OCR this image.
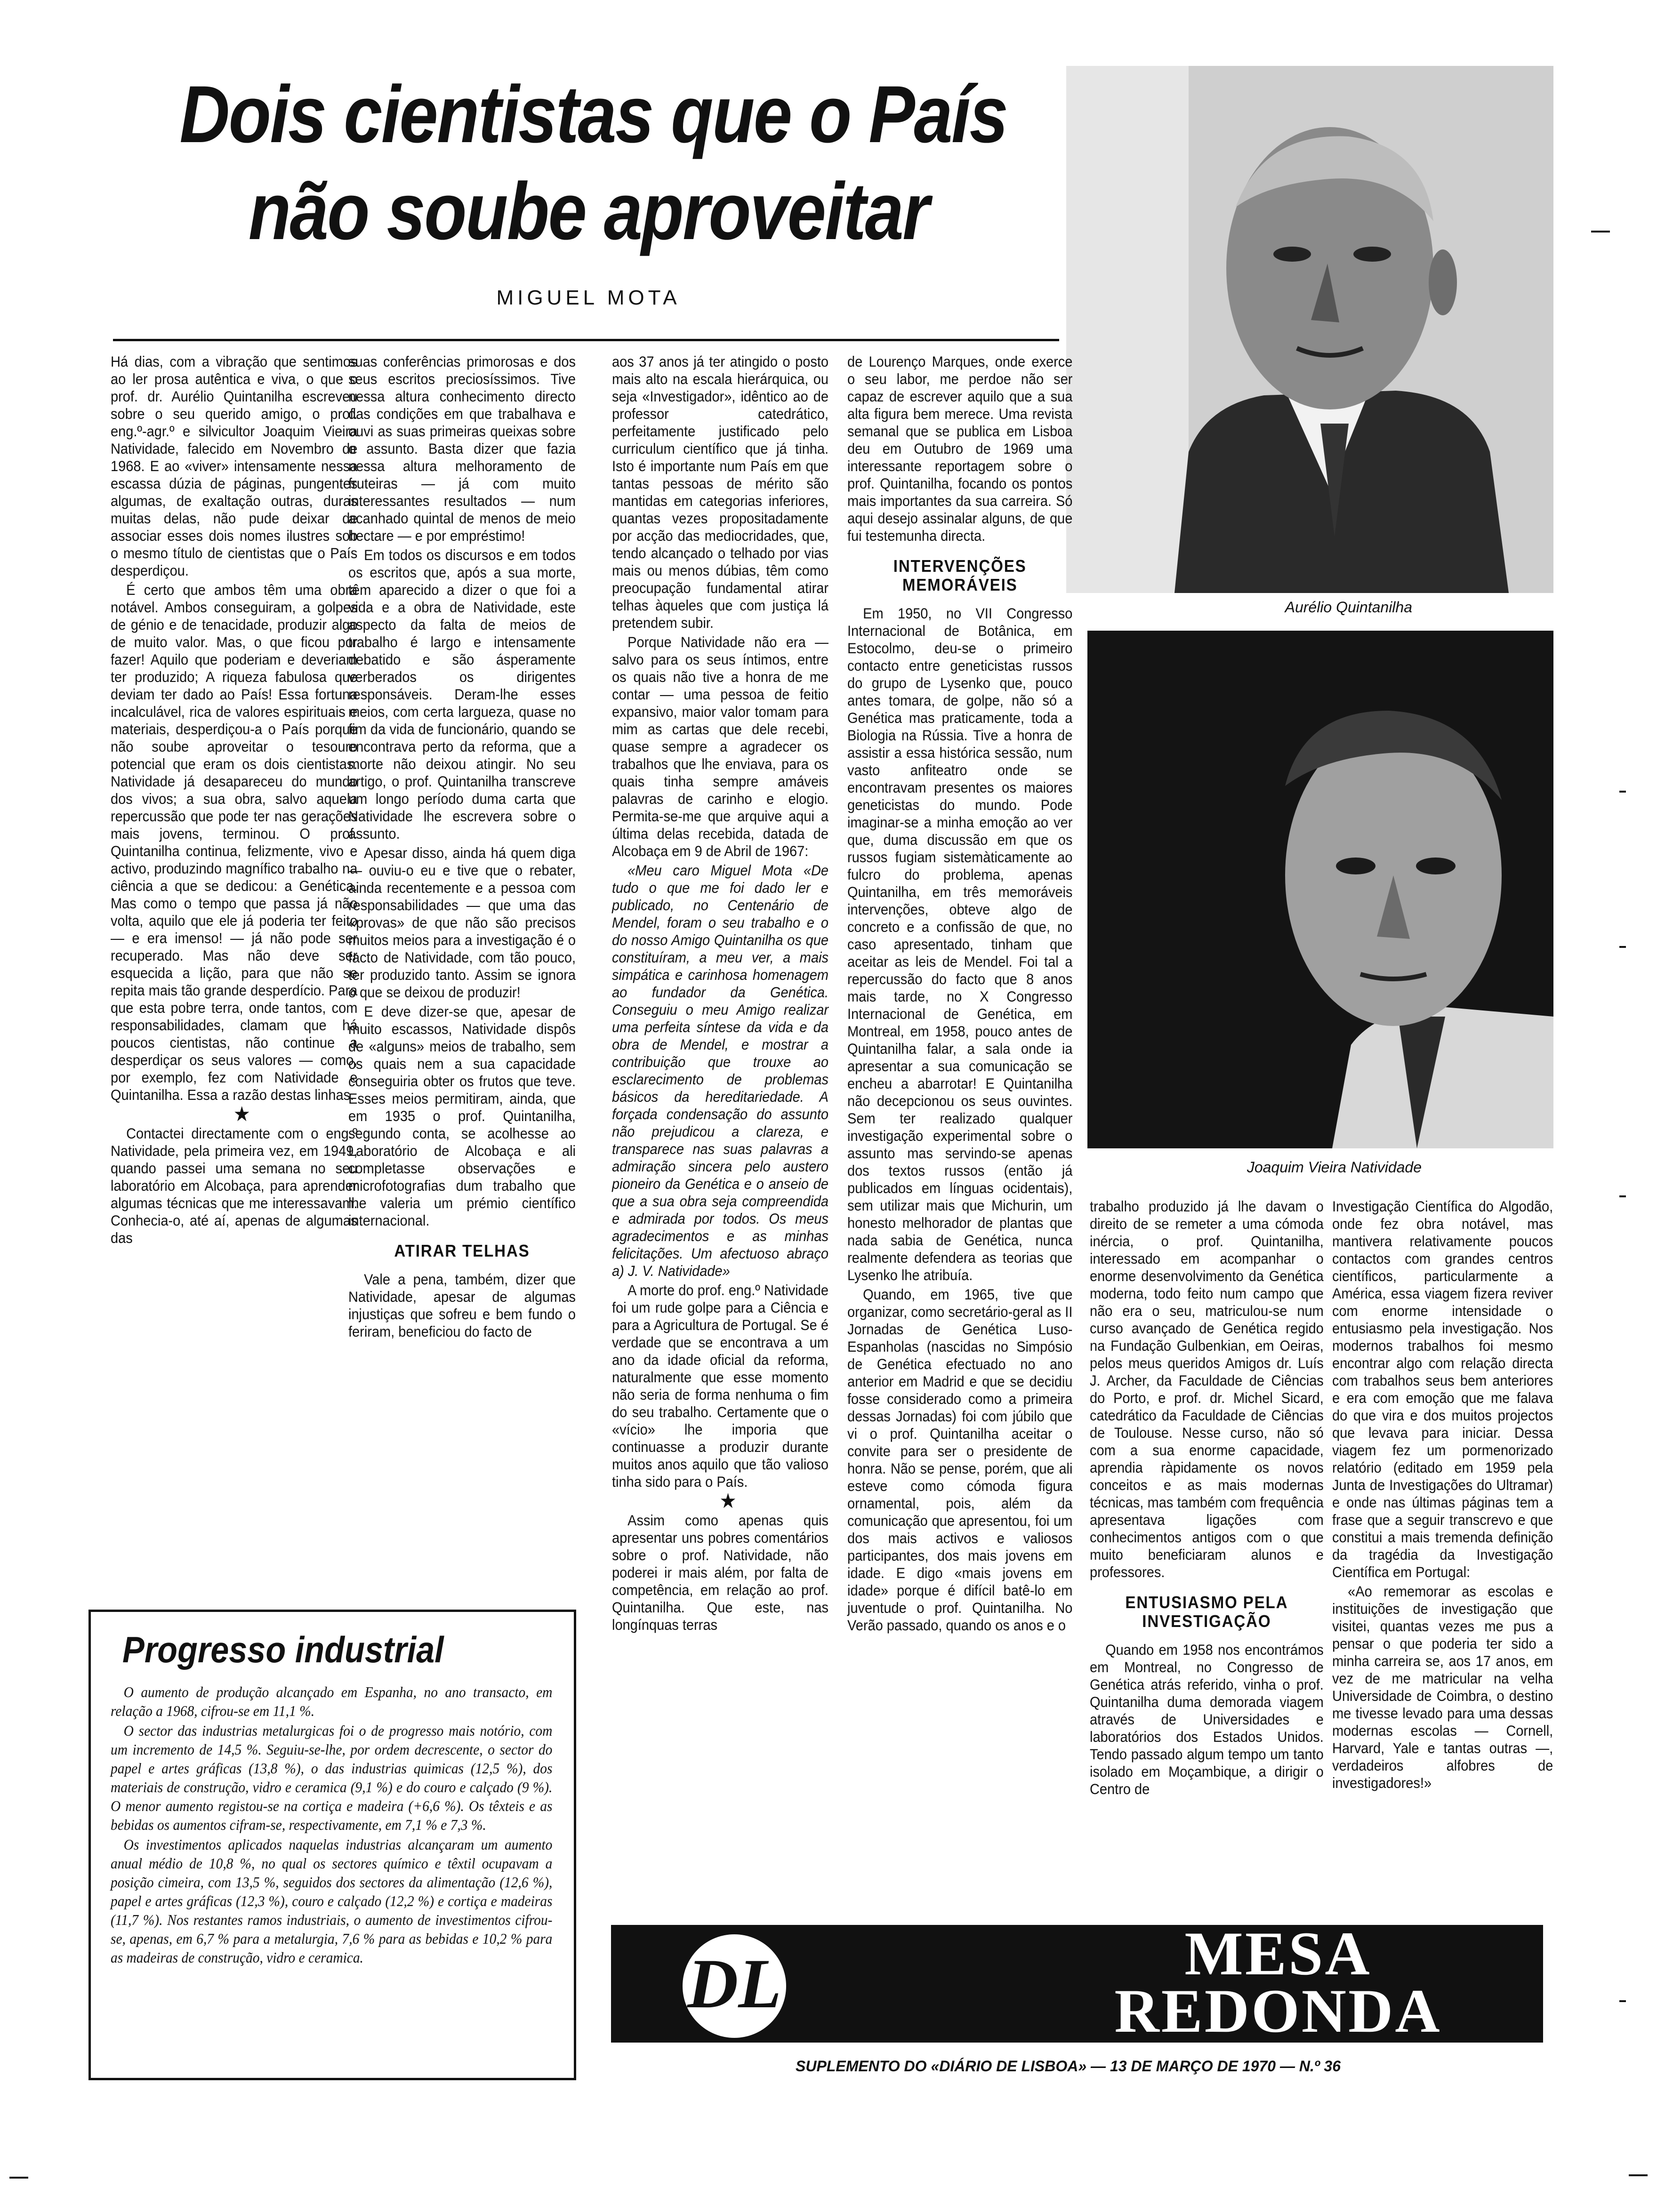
Dois cientistas que o País
não soube aproveitar
MIGUEL MOTA
Aurélio Quintanilha
Joaquim Vieira Natividade

Há dias, com a vibração que sentimos ao ler prosa autêntica e viva, o que o prof. dr. Aurélio Quintanilha escreveu sobre o seu querido amigo, o prof. eng.º-agr.º e silvicultor Joaquim Vieira Natividade, falecido em Novembro de 1968. E ao «viver» intensamente nessa escassa dúzia de páginas, pungentes algumas, de exaltação outras, duras muitas delas, não pude deixar de associar esses dois nomes ilustres sob o mesmo título de cientistas que o País desperdiçou.

É certo que ambos têm uma obra notável. Ambos conseguiram, a golpes de génio e de tenacidade, produzir algo de muito valor. Mas, o que ficou por fazer! Aquilo que poderiam e deveriam ter produzido; A riqueza fabulosa que deviam ter dado ao País! Essa fortuna incalculável, rica de valores espirituais e materiais, desperdiçou-a o País porque não soube aproveitar o tesouro potencial que eram os dois cientistas. Natividade já desapareceu do mundo dos vivos; a sua obra, salvo aquela repercussão que pode ter nas gerações mais jovens, terminou. O prof. Quintanilha continua, felizmente, vivo e activo, produzindo magnífico trabalho na ciência a que se dedicou: a Genética. Mas como o tempo que passa já não volta, aquilo que ele já poderia ter feito — e era imenso! — já não pode ser recuperado. Mas não deve ser esquecida a lição, para que não se repita mais tão grande desperdício. Para que esta pobre terra, onde tantos, com responsabilidades, clamam que há poucos cientistas, não continue a desperdiçar os seus valores — como, por exemplo, fez com Natividade e Quintanilha. Essa a razão destas linhas.

★

Contactei directamente com o eng.º Natividade, pela primeira vez, em 1949, quando passei uma semana no seu laboratório em Alcobaça, para aprender algumas técnicas que me interessavam. Conhecia-o, até aí, apenas de algumas das

suas conferências primorosas e dos seus escritos preciosíssimos. Tive nessa altura conhecimento directo das condições em que trabalhava e ouvi as suas primeiras queixas sobre o assunto. Basta dizer que fazia nessa altura melhoramento de fruteiras — já com muito interessantes resultados — num acanhado quintal de menos de meio hectare — e por empréstimo!

Em todos os discursos e em todos os escritos que, após a sua morte, têm aparecido a dizer o que foi a vida e a obra de Natividade, este aspecto da falta de meios de trabalho é largo e intensamente debatido e são ásperamente verberados os dirigentes responsáveis. Deram-lhe esses meios, com certa largueza, quase no fim da vida de funcionário, quando se encontrava perto da reforma, que a morte não deixou atingir. No seu artigo, o prof. Quintanilha transcreve um longo período duma carta que Natividade lhe escrevera sobre o assunto.

Apesar disso, ainda há quem diga — ouviu-o eu e tive que o rebater, ainda recentemente e a pessoa com responsabilidades — que uma das «provas» de que não são precisos muitos meios para a investigação é o facto de Natividade, com tão pouco, ter produzido tanto. Assim se ignora o que se deixou de produzir!

E deve dizer-se que, apesar de muito escassos, Natividade dispôs de «alguns» meios de trabalho, sem os quais nem a sua capacidade conseguiria obter os frutos que teve. Esses meios permitiram, ainda, que em 1935 o prof. Quintanilha, segundo conta, se acolhesse ao Laboratório de Alcobaça e ali completasse observações e microfotografias dum trabalho que lhe valeria um prémio científico internacional.

ATIRAR TELHAS

Vale a pena, também, dizer que Natividade, apesar de algumas injustiças que sofreu e bem fundo o feriram, beneficiou do facto de

aos 37 anos já ter atingido o posto mais alto na escala hierárquica, ou seja «Investigador», idêntico ao de professor catedrático, perfeitamente justificado pelo curriculum científico que já tinha. Isto é importante num País em que tantas pessoas de mérito são mantidas em categorias inferiores, quantas vezes propositadamente por acção das mediocridades, que, tendo alcançado o telhado por vias mais ou menos dúbias, têm como preocupação fundamental atirar telhas àqueles que com justiça lá pretendem subir.

Porque Natividade não era — salvo para os seus íntimos, entre os quais não tive a honra de me contar — uma pessoa de feitio expansivo, maior valor tomam para mim as cartas que dele recebi, quase sempre a agradecer os trabalhos que lhe enviava, para os quais tinha sempre amáveis palavras de carinho e elogio. Permita-se-me que arquive aqui a última delas recebida, datada de Alcobaça em 9 de Abril de 1967:

«Meu caro Miguel Mota «De tudo o que me foi dado ler e publicado, no Centenário de Mendel, foram o seu trabalho e o do nosso Amigo Quintanilha os que constituíram, a meu ver, a mais simpática e carinhosa homenagem ao fundador da Genética. Conseguiu o meu Amigo realizar uma perfeita síntese da vida e da obra de Mendel, e mostrar a contribuição que trouxe ao esclarecimento de problemas básicos da hereditariedade. A forçada condensação do assunto não prejudicou a clareza, e transparece nas suas palavras a admiração sincera pelo austero pioneiro da Genética e o anseio de que a sua obra seja compreendida e admirada por todos. Os meus agradecimentos e as minhas felicitações. Um afectuoso abraço a) J. V. Natividade»

A morte do prof. eng.º Natividade foi um rude golpe para a Ciência e para a Agricultura de Portugal. Se é verdade que se encontrava a um ano da idade oficial da reforma, naturalmente que esse momento não seria de forma nenhuma o fim do seu trabalho. Certamente que o «vício» lhe imporia que continuasse a produzir durante muitos anos aquilo que tão valioso tinha sido para o País.

★

Assim como apenas quis apresentar uns pobres comentários sobre o prof. Natividade, não poderei ir mais além, por falta de competência, em relação ao prof. Quintanilha. Que este, nas longínquas terras

de Lourenço Marques, onde exerce o seu labor, me perdoe não ser capaz de escrever aquilo que a sua alta figura bem merece. Uma revista semanal que se publica em Lisboa deu em Outubro de 1969 uma interessante reportagem sobre o prof. Quintanilha, focando os pontos mais importantes da sua carreira. Só aqui desejo assinalar alguns, de que fui testemunha directa.

INTERVENÇÕES MEMORÁVEIS

Em 1950, no VII Congresso Internacional de Botânica, em Estocolmo, deu-se o primeiro contacto entre geneticistas russos do grupo de Lysenko que, pouco antes tomara, de golpe, não só a Genética mas praticamente, toda a Biologia na Rússia. Tive a honra de assistir a essa histórica sessão, num vasto anfiteatro onde se encontravam presentes os maiores geneticistas do mundo. Pode imaginar-se a minha emoção ao ver que, duma discussão em que os russos fugiam sistemàticamente ao fulcro do problema, apenas Quintanilha, em três memoráveis intervenções, obteve algo de concreto e a confissão de que, no caso apresentado, tinham que aceitar as leis de Mendel. Foi tal a repercussão do facto que 8 anos mais tarde, no X Congresso Internacional de Genética, em Montreal, em 1958, pouco antes de Quintanilha falar, a sala onde ia apresentar a sua comunicação se encheu a abarrotar! E Quintanilha não decepcionou os seus ouvintes. Sem ter realizado qualquer investigação experimental sobre o assunto mas servindo-se apenas dos textos russos (então já publicados em línguas ocidentais), sem utilizar mais que Michurin, um honesto melhorador de plantas que nada sabia de Genética, nunca realmente defendera as teorias que Lysenko lhe atribuía.

Quando, em 1965, tive que organizar, como secretário-geral as II Jornadas de Genética Luso-Espanholas (nascidas no Simpósio de Genética efectuado no ano anterior em Madrid e que se decidiu fosse considerado como a primeira dessas Jornadas) foi com júbilo que vi o prof. Quintanilha aceitar o convite para ser o presidente de honra. Não se pense, porém, que ali esteve como cómoda figura ornamental, pois, além da comunicação que apresentou, foi um dos mais activos e valiosos participantes, dos mais jovens em idade. E digo «mais jovens em idade» porque é difícil batê-lo em juventude o prof. Quintanilha. No Verão passado, quando os anos e o

trabalho produzido já lhe davam o direito de se remeter a uma cómoda inércia, o prof. Quintanilha, interessado em acompanhar o enorme desenvolvimento da Genética moderna, todo feito num campo que não era o seu, matriculou-se num curso avançado de Genética regido na Fundação Gulbenkian, em Oeiras, pelos meus queridos Amigos dr. Luís J. Archer, da Faculdade de Ciências do Porto, e prof. dr. Michel Sicard, catedrático da Faculdade de Ciências de Toulouse. Nesse curso, não só com a sua enorme capacidade, aprendia ràpidamente os novos conceitos e as mais modernas técnicas, mas também com frequência apresentava ligações com conhecimentos antigos com o que muito beneficiaram alunos e professores.

ENTUSIASMO PELA INVESTIGAÇÃO

Quando em 1958 nos encontrámos em Montreal, no Congresso de Genética atrás referido, vinha o prof. Quintanilha duma demorada viagem através de Universidades e laboratórios dos Estados Unidos. Tendo passado algum tempo um tanto isolado em Moçambique, a dirigir o Centro de

Investigação Científica do Algodão, onde fez obra notável, mas mantivera relativamente poucos contactos com grandes centros científicos, particularmente a América, essa viagem fizera reviver com enorme intensidade o entusiasmo pela investigação. Nos modernos trabalhos foi mesmo encontrar algo com relação directa com trabalhos seus bem anteriores e era com emoção que me falava do que vira e dos muitos projectos que levava para iniciar. Dessa viagem fez um pormenorizado relatório (editado em 1959 pela Junta de Investigações do Ultramar) e onde nas últimas páginas tem a frase que a seguir transcrevo e que constitui a mais tremenda definição da tragédia da Investigação Científica em Portugal:

«Ao rememorar as escolas e instituições de investigação que visitei, quantas vezes me pus a pensar o que poderia ter sido a minha carreira se, aos 17 anos, em vez de me matricular na velha Universidade de Coimbra, o destino me tivesse levado para uma dessas modernas escolas — Cornell, Harvard, Yale e tantas outras —, verdadeiros alfobres de investigadores!»

Progresso industrial

O aumento de produção alcançado em Espanha, no ano transacto, em relação a 1968, cifrou-se em 11,1 %.

O sector das industrias metalurgicas foi o de progresso mais notório, com um incremento de 14,5 %. Seguiu-se-lhe, por ordem decrescente, o sector do papel e artes gráficas (13,8 %), o das industrias quimicas (12,5 %), dos materiais de construção, vidro e ceramica (9,1 %) e do couro e calçado (9 %). O menor aumento registou-se na cortiça e madeira (+6,6 %). Os têxteis e as bebidas os aumentos cifram-se, respectivamente, em 7,1 % e 7,3 %.

Os investimentos aplicados naquelas industrias alcançaram um aumento anual médio de 10,8 %, no qual os sectores químico e têxtil ocupavam a posição cimeira, com 13,5 %, seguidos dos sectores da alimentação (12,6 %), papel e artes gráficas (12,3 %), couro e calçado (12,2 %) e cortiça e madeiras (11,7 %). Nos restantes ramos industriais, o aumento de investimentos cifrou-se, apenas, em 6,7 % para a metalurgia, 7,6 % para as bebidas e 10,2 % para as madeiras de construção, vidro e ceramica.	DL	MESA
REDONDA
SUPLEMENTO DO «DIÁRIO DE LISBOA» — 13 DE MARÇO DE 1970 — N.º 36
